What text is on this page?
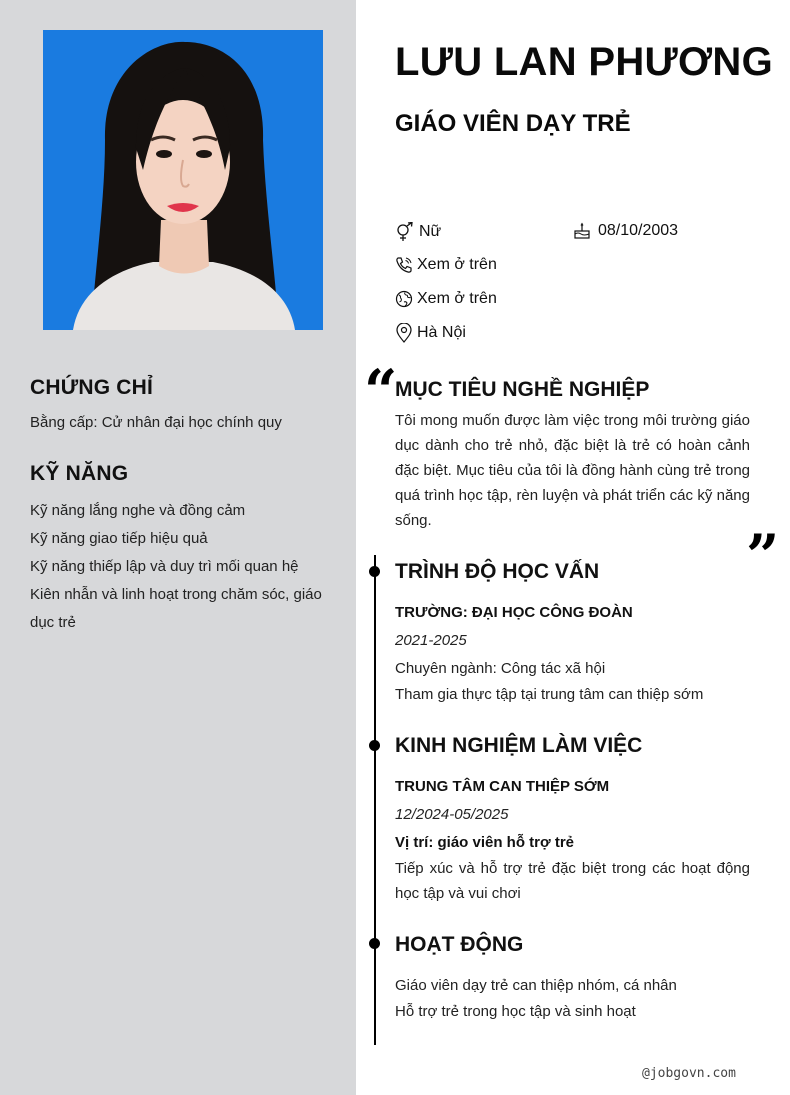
CHỨNG CHỈ
Bằng cấp: Cử nhân đại học chính quy
KỸ NĂNG
Kỹ năng lắng nghe và đồng cảm
Kỹ năng giao tiếp hiệu quả
Kỹ năng thiếp lập và duy trì mối quan hệ
Kiên nhẫn và linh hoạt trong chăm sóc, giáo dục trẻ
LƯU LAN PHƯƠNG
GIÁO VIÊN DẠY TRẺ
Nữ	08/10/2003
Xem ở trên
Xem ở trên
Hà Nội
“
MỤC TIÊU NGHỀ NGHIỆP
Tôi mong muốn được làm việc trong môi trường giáo dục dành cho trẻ nhỏ, đặc biệt là trẻ có hoàn cảnh đặc biệt. Mục tiêu của tôi là đồng hành cùng trẻ trong quá trình học tập, rèn luyện và phát triển các kỹ năng sống.
”
TRÌNH ĐỘ HỌC VẤN
TRƯỜNG: ĐẠI HỌC CÔNG ĐOÀN
2021-2025
Chuyên ngành: Công tác xã hội
Tham gia thực tập tại trung tâm can thiệp sớm
KINH NGHIỆM LÀM VIỆC
TRUNG TÂM CAN THIỆP SỚM
12/2024-05/2025
Vị trí: giáo viên hỗ trợ trẻ
Tiếp xúc và hỗ trợ trẻ đặc biệt trong các hoạt động học tập và vui chơi
HOẠT ĐỘNG
Giáo viên dạy trẻ can thiệp nhóm, cá nhân
Hỗ trợ trẻ trong học tập và sinh hoạt
@jobgovn.com
